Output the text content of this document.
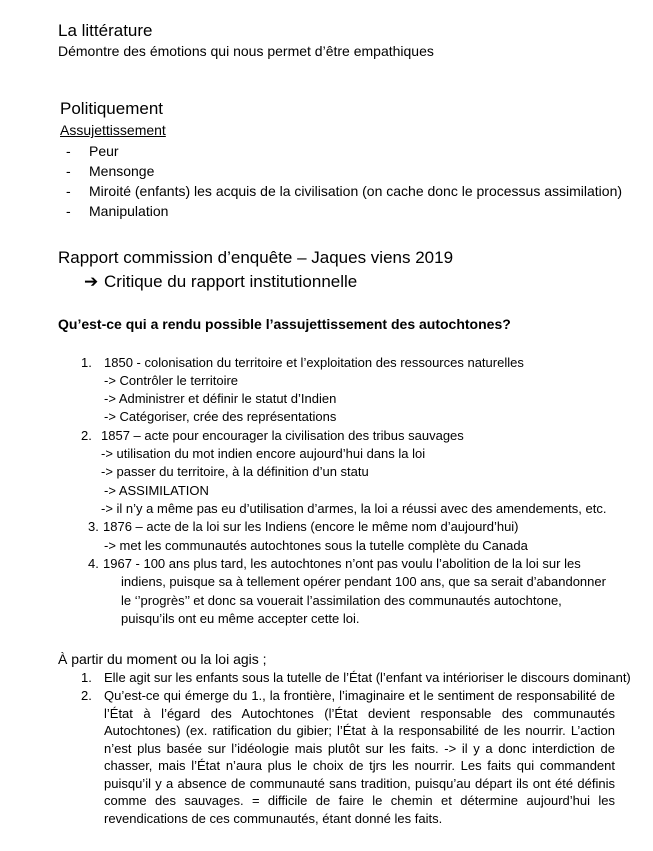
La littérature
Démontre des émotions qui nous permet d’être empathiques
Politiquement
Assujettissement
- Peur
- Mensonge
- Miroité (enfants) les acquis de la civilisation (on cache donc le processus assimilation)
- Manipulation
Rapport commission d’enquête – Jaques viens 2019
➔ Critique du rapport institutionnelle
Qu’est-ce qui a rendu possible l’assujettissement des autochtones?
1. 1850 - colonisation du territoire et l’exploitation des ressources naturelles
-> Contrôler le territoire
-> Administrer et définir le statut d’Indien
-> Catégoriser, crée des représentations
2. 1857 – acte pour encourager la civilisation des tribus sauvages
-> utilisation du mot indien encore aujourd’hui dans la loi
-> passer du territoire, à la définition d’un statu
-> ASSIMILATION
-> il n’y a même pas eu d’utilisation d’armes, la loi a réussi avec des amendements, etc.
3. 1876 – acte de la loi sur les Indiens (encore le même nom d’aujourd’hui)
-> met les communautés autochtones sous la tutelle complète du Canada
4. 1967 - 100 ans plus tard, les autochtones n’ont pas voulu l’abolition de la loi sur les
indiens, puisque sa à tellement opérer pendant 100 ans, que sa serait d’abandonner
le ‘’progrès’’ et donc sa vouerait l’assimilation des communautés autochtone,
puisqu’ils ont eu même accepter cette loi.
À partir du moment ou la loi agis ;
1. Elle agit sur les enfants sous la tutelle de l’État (l’enfant va intérioriser le discours dominant)
2. Qu’est-ce qui émerge du 1., la frontière, l’imaginaire et le sentiment de responsabilité de l’État à l’égard des Autochtones (l’État devient responsable des communautés Autochtones) (ex. ratification du gibier; l’État à la responsabilité de les nourrir. L’action n’est plus basée sur l’idéologie mais plutôt sur les faits. -> il y a donc interdiction de chasser, mais l’État n’aura plus le choix de tjrs les nourrir. Les faits qui commandent puisqu’il y a absence de communauté sans tradition, puisqu’au départ ils ont été définis comme des sauvages. = difficile de faire le chemin et détermine aujourd’hui les revendications de ces communautés, étant donné les faits.
